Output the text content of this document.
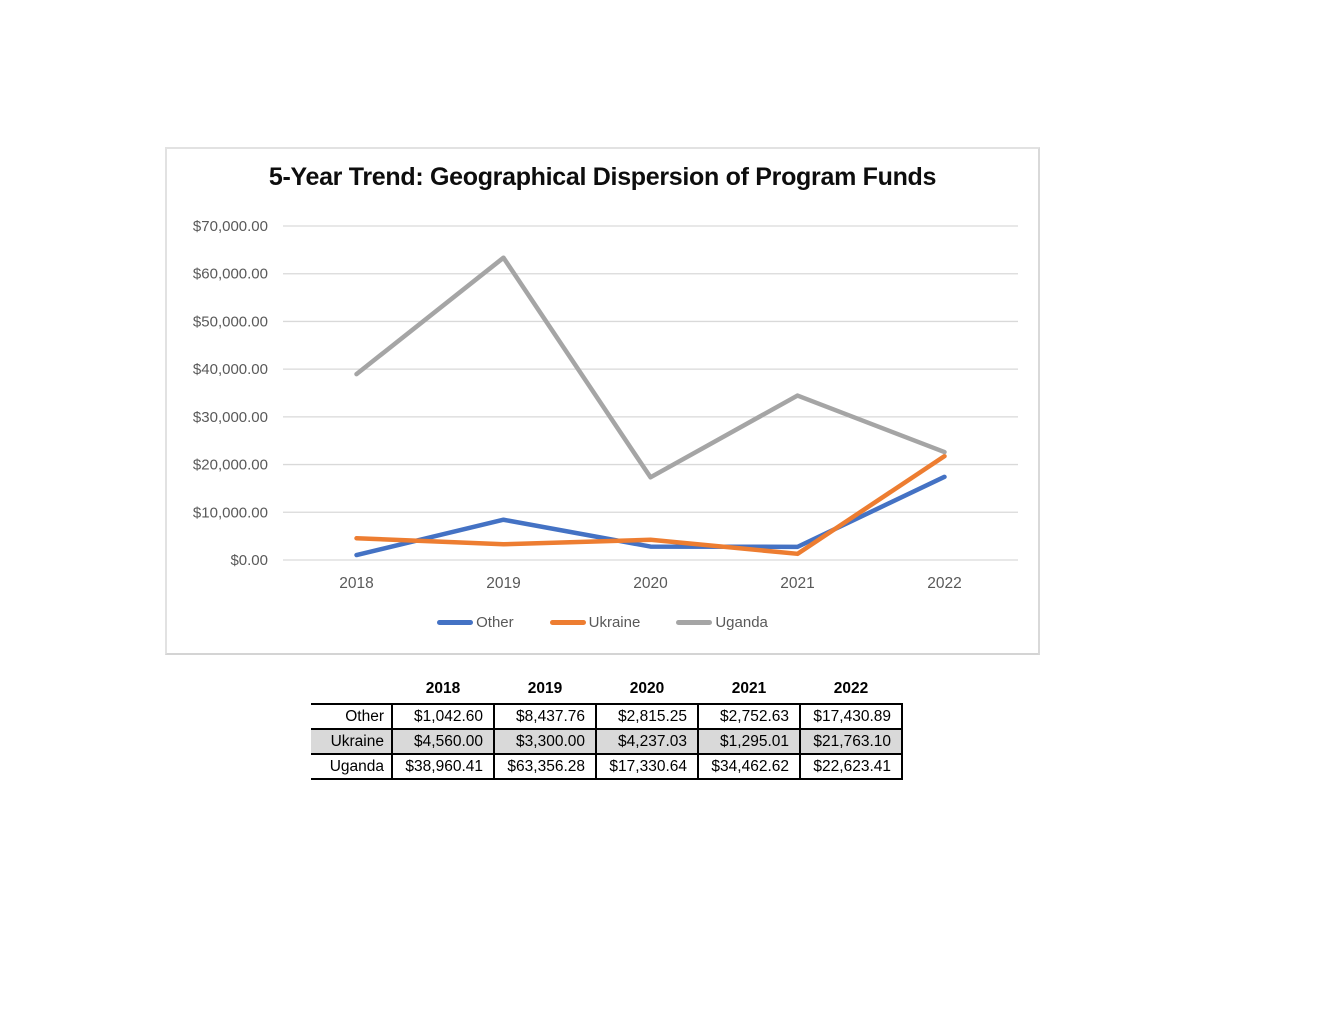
5-Year Trend: Geographical Dispersion of Program Funds
$0.00
$10,000.00
$20,000.00
$30,000.00
$40,000.00
$50,000.00
$60,000.00
$70,000.00
2018	2019	2020	2021	2022
Other	Ukraine	Uganda
	2018	2019	2020	2021	2022
Other	$1,042.60	$8,437.76	$2,815.25	$2,752.63	$17,430.89
Ukraine	$4,560.00	$3,300.00	$4,237.03	$1,295.01	$21,763.10
Uganda	$38,960.41	$63,356.28	$17,330.64	$34,462.62	$22,623.41
